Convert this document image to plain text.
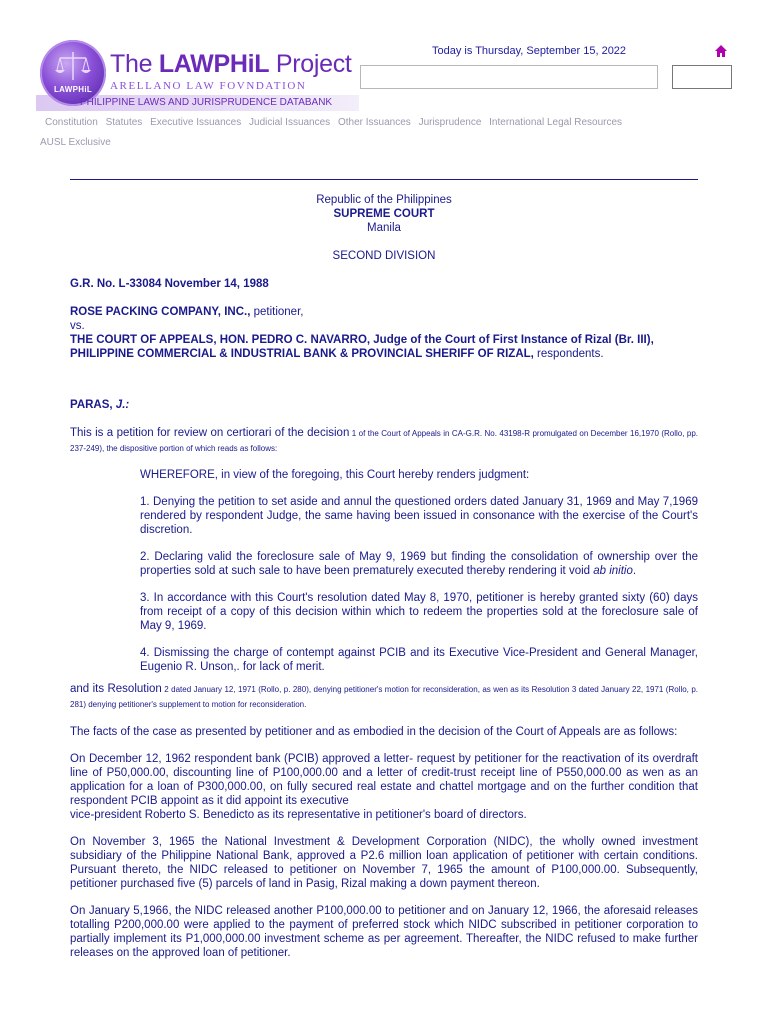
LAWPHiL
The LAWPHiL Project
ARELLANO LAW FOVNDATION
PHILIPPINE LAWS AND JURISPRUDENCE DATABANK
Today is Thursday, September 15, 2022
Constitution Statutes Executive Issuances Judicial Issuances Other Issuances Jurisprudence International Legal Resources
AUSL Exclusive

Republic of the Philippines

SUPREME COURT

Manila

SECOND DIVISION

G.R. No. L-33084 November 14, 1988

ROSE PACKING COMPANY, INC., petitioner,

vs.

THE COURT OF APPEALS, HON. PEDRO C. NAVARRO, Judge of the Court of First Instance of Rizal (Br. III), PHILIPPINE COMMERCIAL & INDUSTRIAL BANK & PROVINCIAL SHERIFF OF RIZAL, respondents.

PARAS, J.:

This is a petition for review on certiorari of the decision 1 of the Court of Appeals in CA-G.R. No. 43198-R promulgated on December 16,1970 (Rollo, pp. 237-249), the dispositive portion of which reads as follows:

WHEREFORE, in view of the foregoing, this Court hereby renders judgment:

1. Denying the petition to set aside and annul the questioned orders dated January 31, 1969 and May 7,1969 rendered by respondent Judge, the same having been issued in consonance with the exercise of the Court's discretion.

2. Declaring valid the foreclosure sale of May 9, 1969 but finding the consolidation of ownership over the properties sold at such sale to have been prematurely executed thereby rendering it void ab initio.

3. In accordance with this Court's resolution dated May 8, 1970, petitioner is hereby granted sixty (60) days from receipt of a copy of this decision within which to redeem the properties sold at the foreclosure sale of May 9, 1969.

4. Dismissing the charge of contempt against PCIB and its Executive Vice-President and General Manager, Eugenio R. Unson,. for lack of merit.

and its Resolution 2 dated January 12, 1971 (Rollo, p. 280), denying petitioner's motion for reconsideration, as wen as its Resolution 3 dated January 22, 1971 (Rollo, p. 281) denying petitioner's supplement to motion for reconsideration.

The facts of the case as presented by petitioner and as embodied in the decision of the Court of Appeals are as follows:

On December 12, 1962 respondent bank (PCIB) approved a letter- request by petitioner for the reactivation of its overdraft line of P50,000.00, discounting line of P100,000.00 and a letter of credit-trust receipt line of P550,000.00 as wen as an application for a loan of P300,000.00, on fully secured real estate and chattel mortgage and on the further condition that respondent PCIB appoint as it did appoint its executive

vice-president Roberto S. Benedicto as its representative in petitioner's board of directors.

On November 3, 1965 the National Investment & Development Corporation (NIDC), the wholly owned investment subsidiary of the Philippine National Bank, approved a P2.6 million loan application of petitioner with certain conditions. Pursuant thereto, the NIDC released to petitioner on November 7, 1965 the amount of P100,000.00. Subsequently, petitioner purchased five (5) parcels of land in Pasig, Rizal making a down payment thereon.

On January 5,1966, the NIDC released another P100,000.00 to petitioner and on January 12, 1966, the aforesaid releases totalling P200,000.00 were applied to the payment of preferred stock which NIDC subscribed in petitioner corporation to partially implement its P1,000,000.00 investment scheme as per agreement. Thereafter, the NIDC refused to make further releases on the approved loan of petitioner.
